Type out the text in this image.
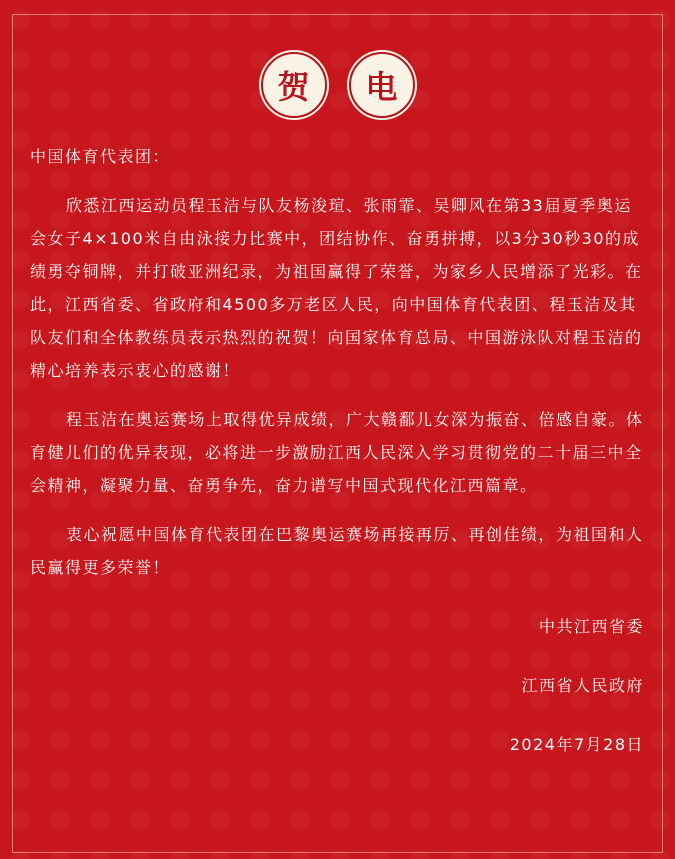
贺	电

中国体育代表团：

欣悉江西运动员程玉洁与队友杨浚瑄、张雨霏、吴卿风在第33届夏季奥运会女子4×100米自由泳接力比赛中，团结协作、奋勇拼搏，以3分30秒30的成绩勇夺铜牌，并打破亚洲纪录，为祖国赢得了荣誉，为家乡人民增添了光彩。在此，江西省委、省政府和4500多万老区人民，向中国体育代表团、程玉洁及其队友们和全体教练员表示热烈的祝贺！向国家体育总局、中国游泳队对程玉洁的精心培养表示衷心的感谢！

程玉洁在奥运赛场上取得优异成绩，广大赣鄱儿女深为振奋、倍感自豪。体育健儿们的优异表现，必将进一步激励江西人民深入学习贯彻党的二十届三中全会精神，凝聚力量、奋勇争先，奋力谱写中国式现代化江西篇章。

衷心祝愿中国体育代表团在巴黎奥运赛场再接再厉、再创佳绩，为祖国和人民赢得更多荣誉！

中共江西省委

江西省人民政府

2024年7月28日
